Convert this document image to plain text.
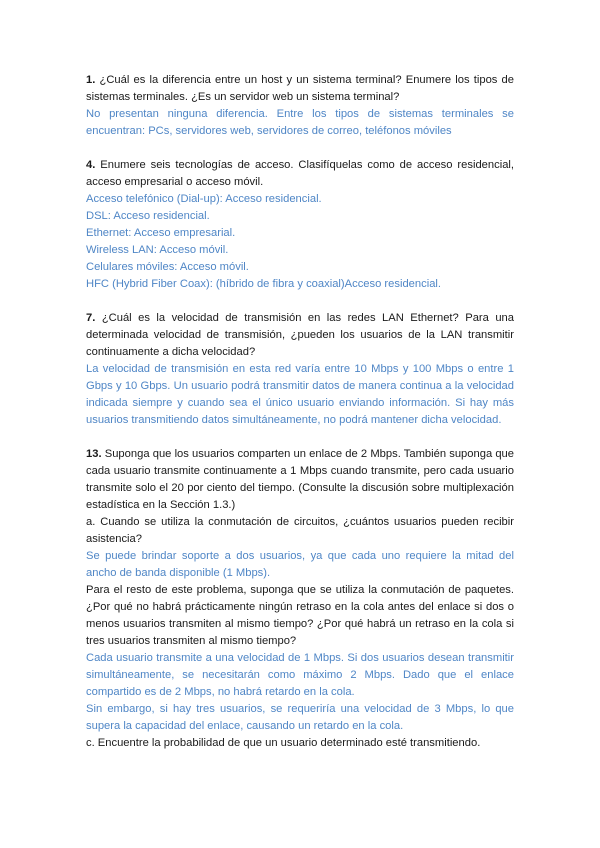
1. ¿Cuál es la diferencia entre un host y un sistema terminal? Enumere los tipos de sistemas terminales. ¿Es un servidor web un sistema terminal?
No presentan ninguna diferencia. Entre los tipos de sistemas terminales se encuentran: PCs, servidores web, servidores de correo, teléfonos móviles
4. Enumere seis tecnologías de acceso. Clasifíquelas como de acceso residencial, acceso empresarial o acceso móvil.
Acceso telefónico (Dial-up): Acceso residencial.
DSL: Acceso residencial.
Ethernet: Acceso empresarial.
Wireless LAN: Acceso móvil.
Celulares móviles: Acceso móvil.
HFC (Hybrid Fiber Coax): (híbrido de fibra y coaxial)Acceso residencial.
7. ¿Cuál es la velocidad de transmisión en las redes LAN Ethernet? Para una determinada velocidad de transmisión, ¿pueden los usuarios de la LAN transmitir continuamente a dicha velocidad?
La velocidad de transmisión en esta red varía entre 10 Mbps y 100 Mbps o entre 1 Gbps y 10 Gbps. Un usuario podrá transmitir datos de manera continua a la velocidad indicada siempre y cuando sea el único usuario enviando información. Si hay más usuarios transmitiendo datos simultáneamente, no podrá mantener dicha velocidad.
13. Suponga que los usuarios comparten un enlace de 2 Mbps. También suponga que cada usuario transmite continuamente a 1 Mbps cuando transmite, pero cada usuario transmite solo el 20 por ciento del tiempo. (Consulte la discusión sobre multiplexación estadística en la Sección 1.3.)
a. Cuando se utiliza la conmutación de circuitos, ¿cuántos usuarios pueden recibir asistencia?
Se puede brindar soporte a dos usuarios, ya que cada uno requiere la mitad del ancho de banda disponible (1 Mbps).
Para el resto de este problema, suponga que se utiliza la conmutación de paquetes. ¿Por qué no habrá prácticamente ningún retraso en la cola antes del enlace si dos o menos usuarios transmiten al mismo tiempo? ¿Por qué habrá un retraso en la cola si tres usuarios transmiten al mismo tiempo?
Cada usuario transmite a una velocidad de 1 Mbps. Si dos usuarios desean transmitir simultáneamente, se necesitarán como máximo 2 Mbps. Dado que el enlace compartido es de 2 Mbps, no habrá retardo en la cola.
Sin embargo, si hay tres usuarios, se requeriría una velocidad de 3 Mbps, lo que supera la capacidad del enlace, causando un retardo en la cola.
c. Encuentre la probabilidad de que un usuario determinado esté transmitiendo.
